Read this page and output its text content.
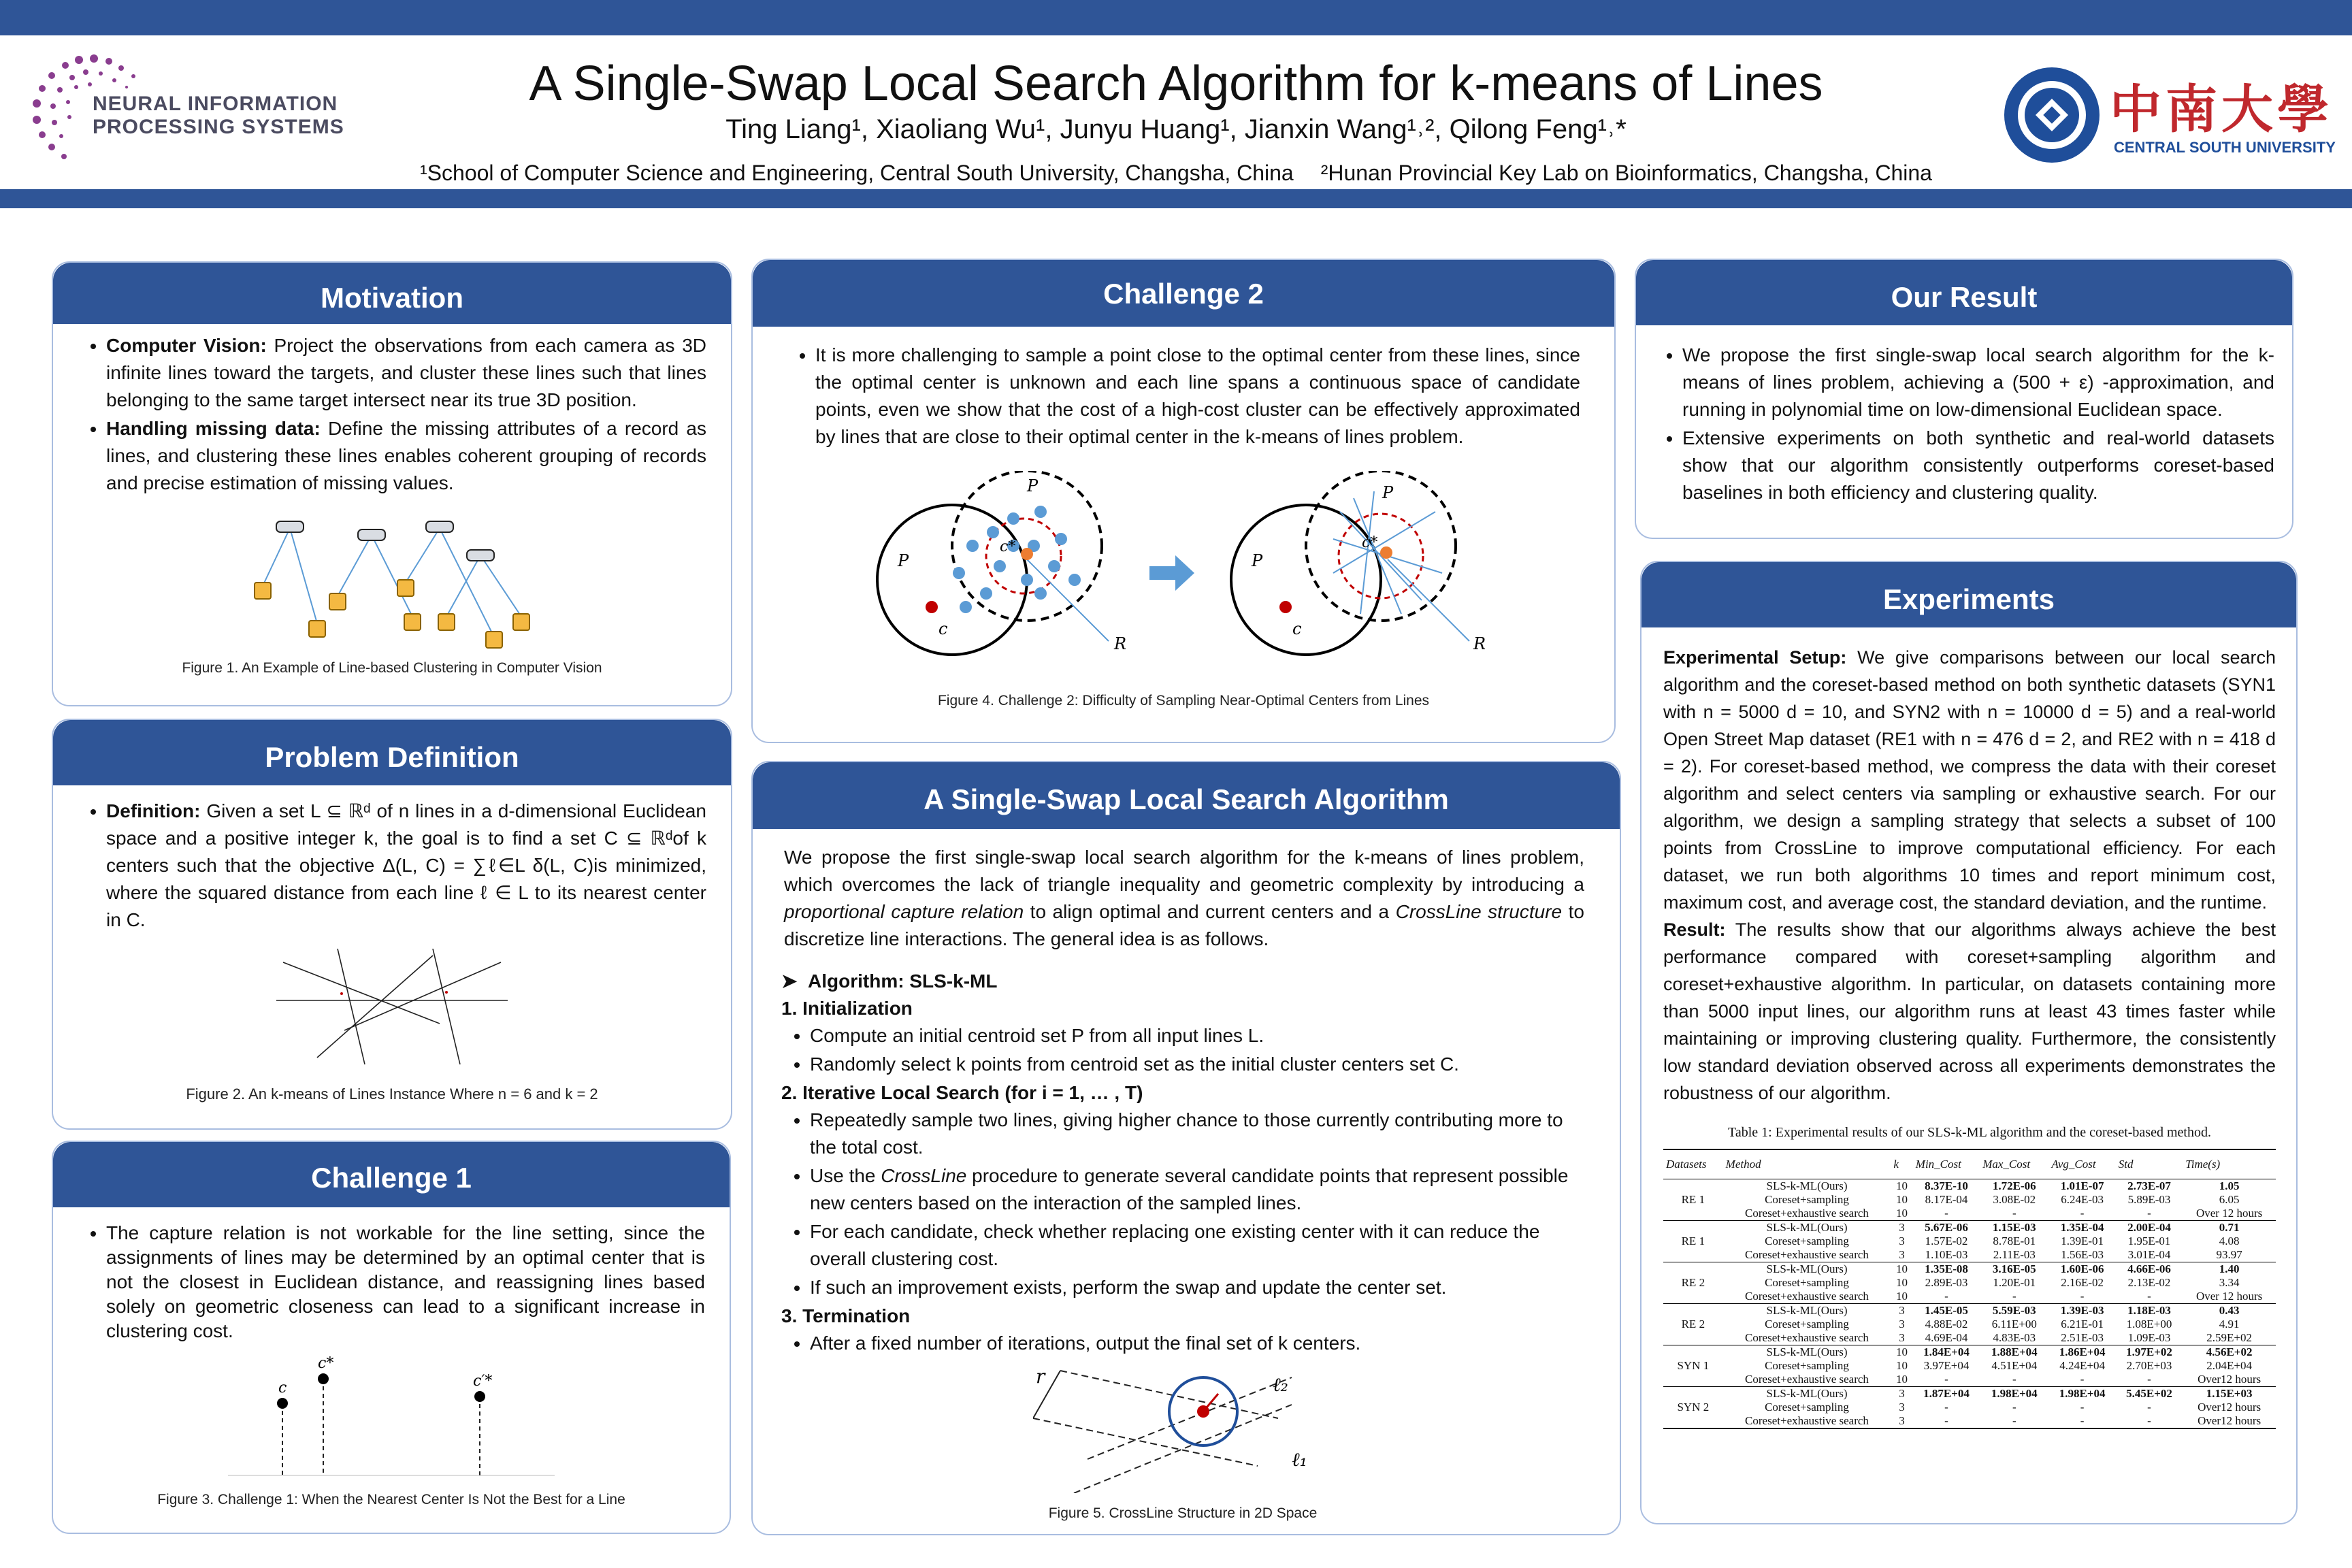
NEURAL INFORMATION
PROCESSING SYSTEMS
A Single-Swap Local Search Algorithm for k-means of Lines
Ting Liang¹, Xiaoliang Wu¹, Junyu Huang¹, Jianxin Wang¹˒², Qilong Feng¹˒*
¹School of Computer Science and Engineering, Central South University, Changsha, China ²Hunan Provincial Key Lab on Bioinformatics, Changsha, China
中南大學
CENTRAL SOUTH UNIVERSITY
Motivation
• Computer Vision: Project the observations from each camera as 3D infinite lines toward the targets, and cluster these lines such that lines belonging to the same target intersect near its true 3D position.
• Handling missing data: Define the missing attributes of a record as lines, and clustering these lines enables coherent grouping of records and precise estimation of missing values.
Figure 1. An Example of Line-based Clustering in Computer Vision
Problem Definition
• Definition: Given a set L ⊆ ℝᵈ of n lines in a d-dimensional Euclidean space and a positive integer k, the goal is to find a set C ⊆ ℝᵈof k centers such that the objective Δ(L, C) = ∑ℓ∈L δ(L, C)is minimized, where the squared distance from each line ℓ ∈ L to its nearest center in C.
Figure 2. An k-means of Lines Instance Where n = 6 and k = 2
Challenge 1
• The capture relation is not workable for the line setting, since the assignments of lines may be determined by an optimal center that is not the closest in Euclidean distance, and reassigning lines based solely on geometric closeness can lead to a significant increase in clustering cost.
c
c*
c′*
Figure 3. Challenge 1: When the Nearest Center Is Not the Best for a Line
Challenge 2
• It is more challenging to sample a point close to the optimal center from these lines, since the optimal center is unknown and each line spans a continuous space of candidate points, even we show that the cost of a high-cost cluster can be effectively approximated by lines that are close to their optimal center in the k-means of lines problem.
P
c
P
c*
R
P
c
P
c*
R
Figure 4. Challenge 2: Difficulty of Sampling Near-Optimal Centers from Lines
A Single-Swap Local Search Algorithm
We propose the first single-swap local search algorithm for the k-means of lines problem, which overcomes the lack of triangle inequality and geometric complexity by introducing a proportional capture relation to align optimal and current centers and a CrossLine structure to discretize line interactions. The general idea is as follows.
➤  Algorithm: SLS-k-ML
1. Initialization
• Compute an initial centroid set P from all input lines L.
• Randomly select k points from centroid set as the initial cluster centers set C.
2. Iterative Local Search (for i = 1, … , T)
• Repeatedly sample two lines, giving higher chance to those currently contributing more to the total cost.
• Use the CrossLine procedure to generate several candidate points that represent possible new centers based on the interaction of the sampled lines.
• For each candidate, check whether replacing one existing center with it can reduce the overall clustering cost.
• If such an improvement exists, perform the swap and update the center set.
3. Termination
• After a fixed number of iterations, output the final set of k centers.
r	ℓ₂
ℓ₁
Figure 5. CrossLine Structure in 2D Space
Our Result
• We propose the first single-swap local search algorithm for the k-means of lines problem, achieving a (500 + ε) -approximation, and running in polynomial time on low-dimensional Euclidean space.
• Extensive experiments on both synthetic and real-world datasets show that our algorithm consistently outperforms coreset-based baselines in both efficiency and clustering quality.
Experiments
Experimental Setup: We give comparisons between our local search algorithm and the coreset-based method on both synthetic datasets (SYN1 with n = 5000 d = 10, and SYN2 with n = 10000 d = 5) and a real-world Open Street Map dataset (RE1 with n = 476 d = 2, and RE2 with n = 418 d = 2). For coreset-based method, we compress the data with their coreset algorithm and select centers via sampling or exhaustive search. For our algorithm, we design a sampling strategy that selects a subset of 100 points from CrossLine to improve computational efficiency. For each dataset, we run both algorithms 10 times and report minimum cost, maximum cost, and average cost, the standard deviation, and the runtime.
Result: The results show that our algorithms always achieve the best performance compared with coreset+sampling algorithm and coreset+exhaustive algorithm. In particular, on datasets containing more than 5000 input lines, our algorithm runs at least 43 times faster while maintaining or improving clustering quality. Furthermore, the consistently low standard deviation observed across all experiments demonstrates the robustness of our algorithm.
Table 1: Experimental results of our SLS-k-ML algorithm and the coreset-based method.
Datasets	Method	k	Min_Cost	Max_Cost	Avg_Cost	Std	Time(s)
	SLS-k-ML(Ours)	10	8.37E-10	1.72E-06	1.01E-07	2.73E-07	1.05
RE 1	Coreset+sampling	10	8.17E-04	3.08E-02	6.24E-03	5.89E-03	6.05
	Coreset+exhaustive search	10	-	-	-	-	Over 12 hours
	SLS-k-ML(Ours)	3	5.67E-06	1.15E-03	1.35E-04	2.00E-04	0.71
RE 1	Coreset+sampling	3	1.57E-02	8.78E-01	1.39E-01	1.95E-01	4.08
	Coreset+exhaustive search	3	1.10E-03	2.11E-03	1.56E-03	3.01E-04	93.97
	SLS-k-ML(Ours)	10	1.35E-08	3.16E-05	1.60E-06	4.66E-06	1.40
RE 2	Coreset+sampling	10	2.89E-03	1.20E-01	2.16E-02	2.13E-02	3.34
	Coreset+exhaustive search	10	-	-	-	-	Over 12 hours
	SLS-k-ML(Ours)	3	1.45E-05	5.59E-03	1.39E-03	1.18E-03	0.43
RE 2	Coreset+sampling	3	4.88E-02	6.11E+00	6.21E-01	1.08E+00	4.91
	Coreset+exhaustive search	3	4.69E-04	4.83E-03	2.51E-03	1.09E-03	2.59E+02
	SLS-k-ML(Ours)	10	1.84E+04	1.88E+04	1.86E+04	1.97E+02	4.56E+02
SYN 1	Coreset+sampling	10	3.97E+04	4.51E+04	4.24E+04	2.70E+03	2.04E+04
	Coreset+exhaustive search	10	-	-	-	-	Over12 hours
	SLS-k-ML(Ours)	3	1.87E+04	1.98E+04	1.98E+04	5.45E+02	1.15E+03
SYN 2	Coreset+sampling	3	-	-	-	-	Over12 hours
	Coreset+exhaustive search	3	-	-	-	-	Over12 hours
